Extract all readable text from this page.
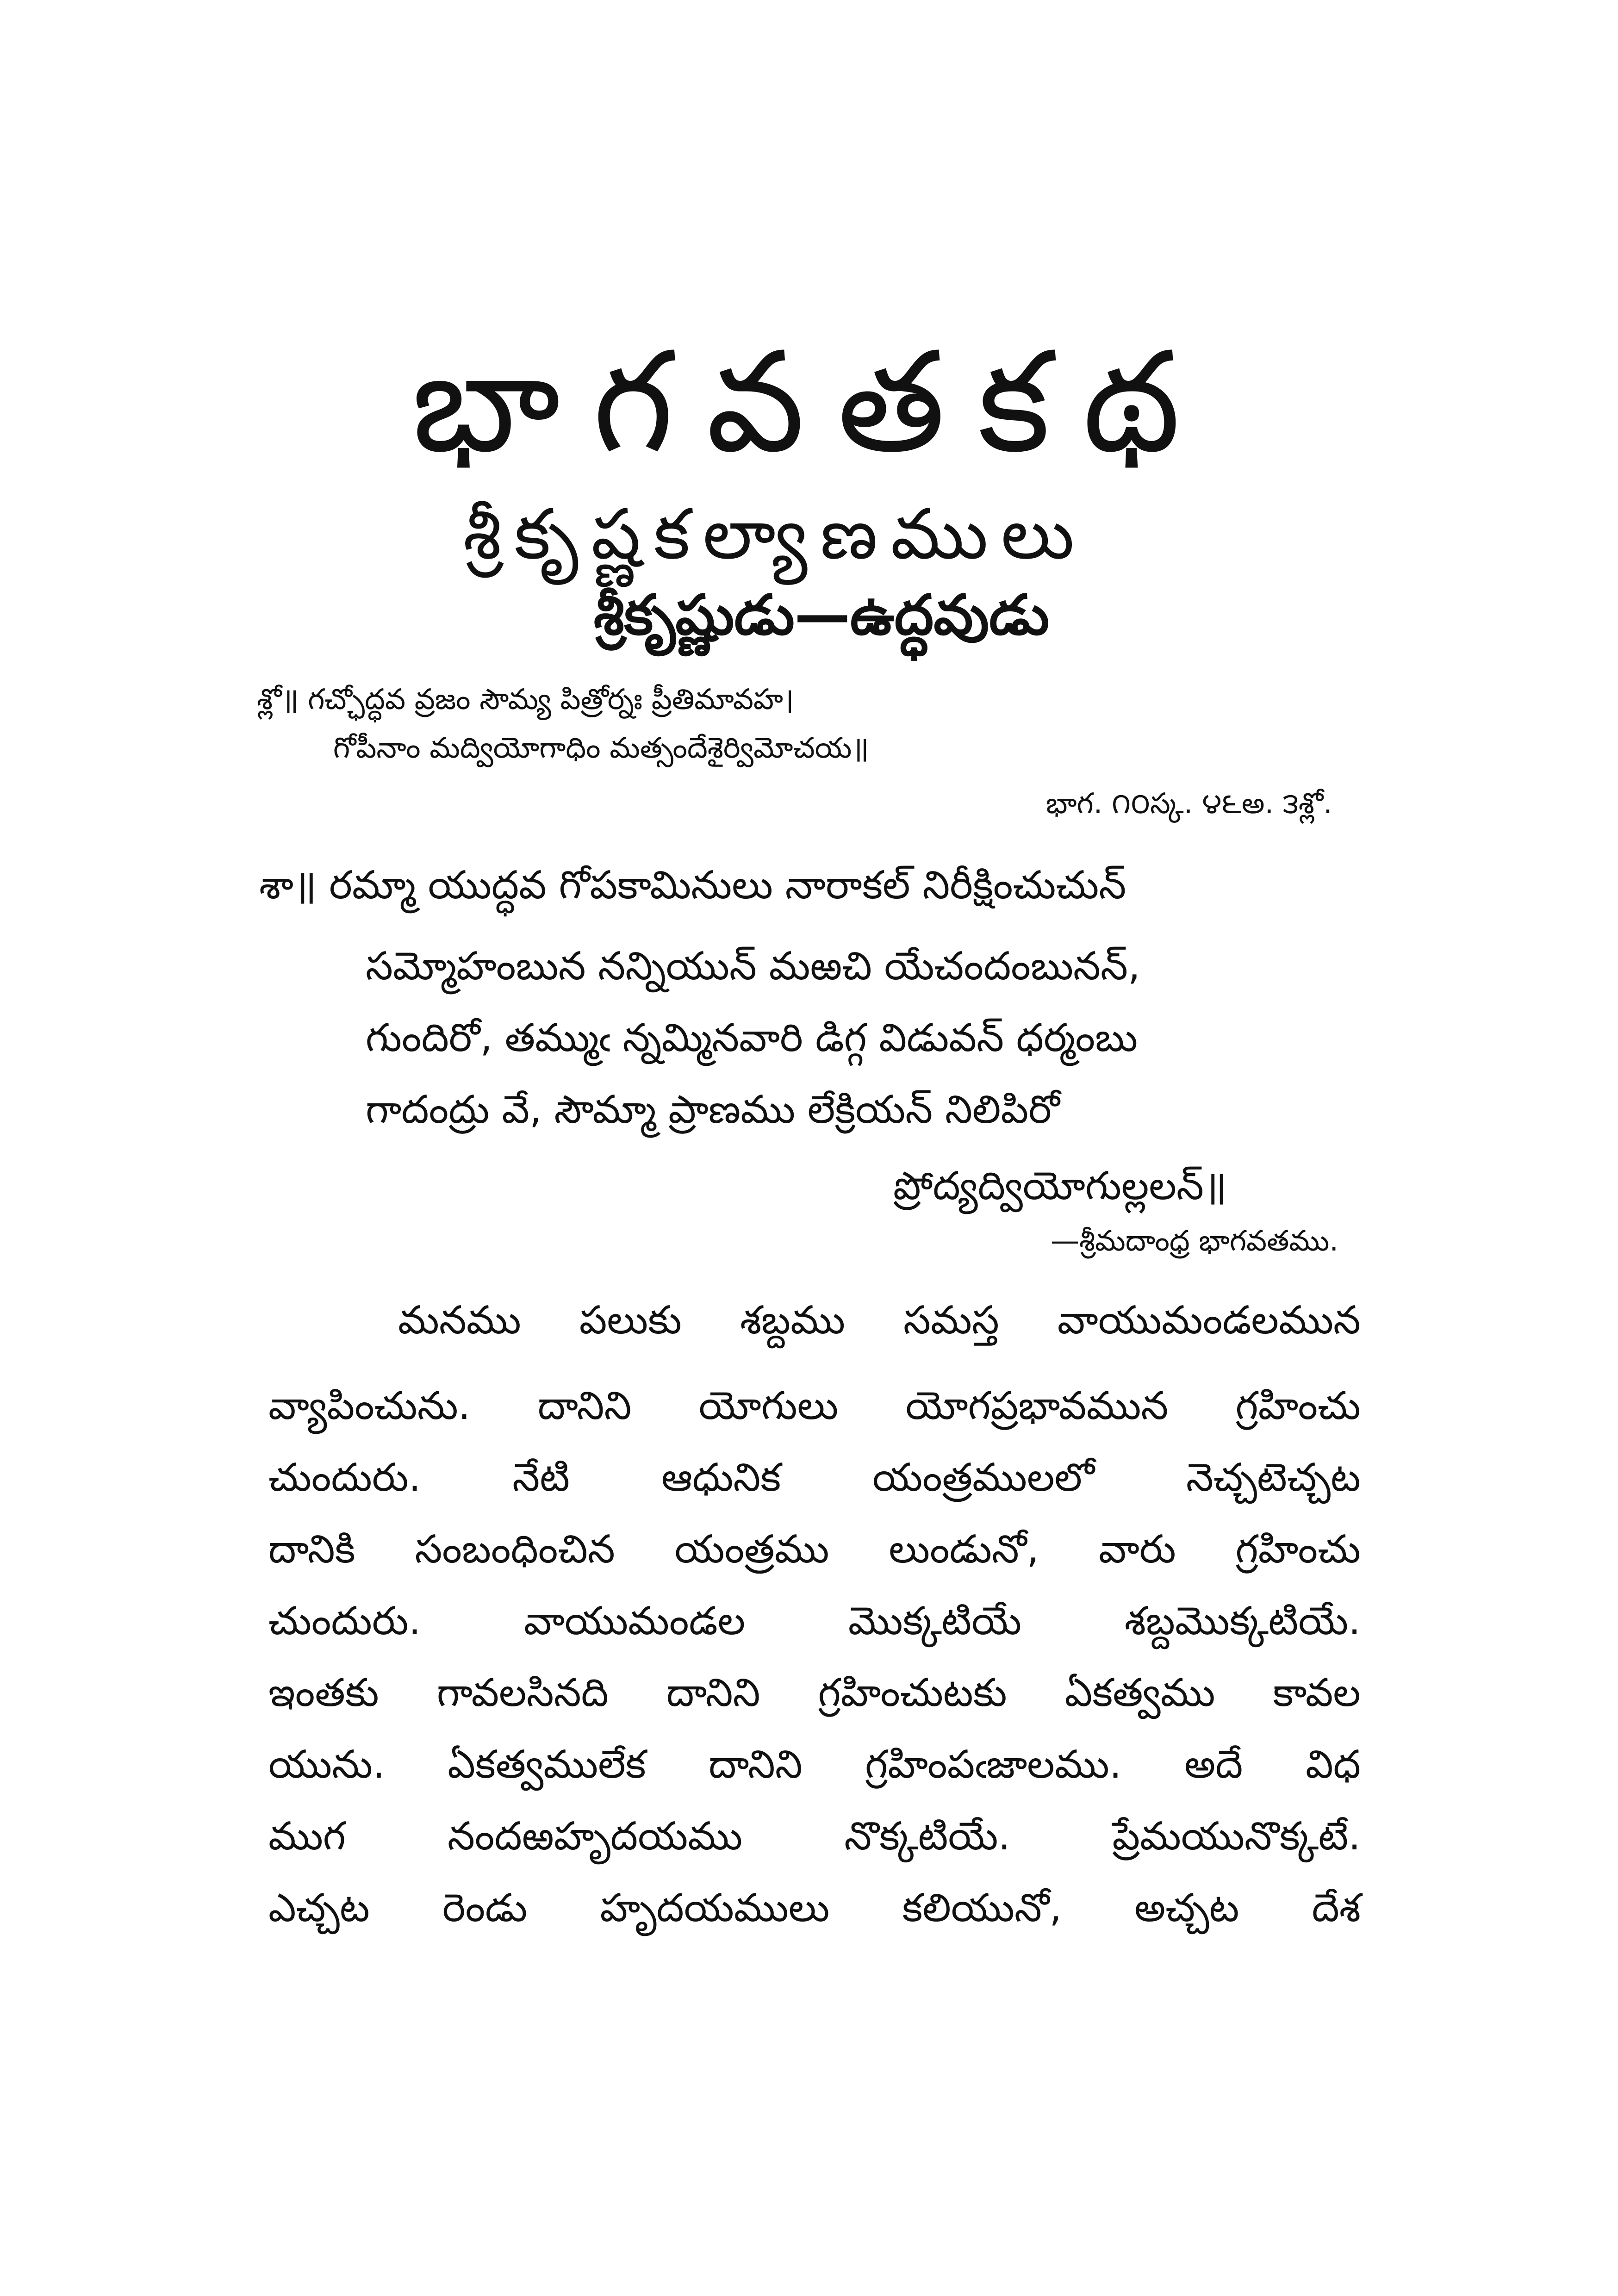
భాగవతకథ
శ్రీకృష్ణకల్యాణములు
శ్రీకృష్ణుడు—ఉద్ధవుడు
శ్లో॥ గచ్ఛోద్ధవ వ్రజం సౌమ్య పిత్రోర్నః ప్రీతిమావహ।
గోపీనాం మద్వియోగాధిం మత్సందేశైర్విమోచయ॥
భాగ. ౧౦స్క. ౪౬అ. ౩శ్లో.
శా॥ రమ్మా యుద్ధవ గోపకామినులు నారాకల్ నిరీక్షించుచున్
సమ్మోహంబున నన్నియున్ మఱచి యేచందంబునన్,
గుందిరో, తమ్ముఁ న్నమ్మినవారి డిగ్గ విడువన్ ధర్మంబు
గాదంద్రు వే, సౌమ్మా ప్రాణము లేక్రియన్ నిలిపిరో
ప్రోద్యద్వియోగుల్లలన్॥
—శ్రీమదాంధ్ర భాగవతము.
మనము పలుకు శబ్దము సమస్త వాయుమండలమున
వ్యాపించును. దానిని యోగులు యోగప్రభావమున గ్రహించు
చుందురు. నేటి ఆధునిక యంత్రములలో నెచ్చటెచ్చట
దానికి సంబంధించిన యంత్రము లుండునో, వారు గ్రహించు
చుందురు. వాయుమండల మొక్కటియే శబ్దమొక్కటియే.
ఇంతకు గావలసినది దానిని గ్రహించుటకు ఏకత్వము కావల
యును. ఏకత్వములేక దానిని గ్రహింపఁజాలము. అదే విధ
ముగ నందఱహృదయము నొక్కటియే. ప్రేమయునొక్కటే.
ఎచ్చట రెండు హృదయములు కలియునో, అచ్చట దేశ
